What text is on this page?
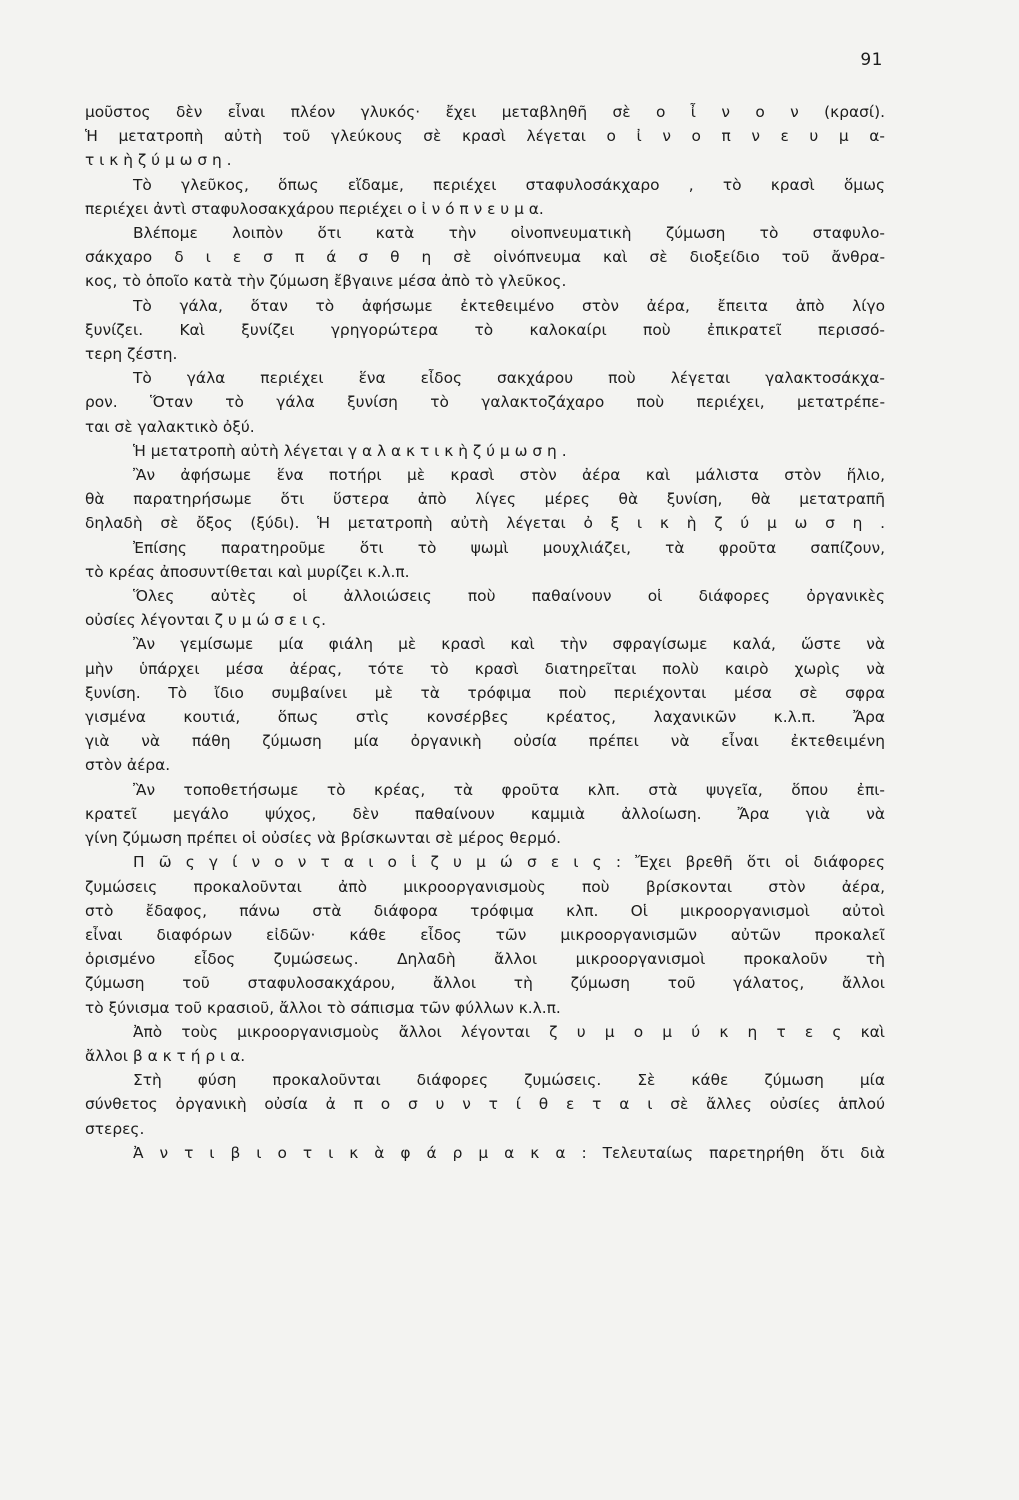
91
μοῦστος δὲν εἶναι πλέον γλυκός· ἔχει μεταβληθῆ σὲ ο ἶ ν ο ν (κρασί).
Ἡ μετατροπὴ αὐτὴ τοῦ γλεύκους σὲ κρασὶ λέγεται ο ἰ ν ο π ν ε υ μ α-
τ ι κ ὴ ζ ύ μ ω σ η .
Τὸ γλεῦκος, ὅπως εἴδαμε, περιέχει σταφυλοσάκχαρο , τὸ κρασὶ ὅμως
περιέχει ἀντὶ σταφυλοσακχάρου περιέχει ο ἰ ν ό π ν ε υ μ α.
Βλέπομε λοιπὸν ὅτι κατὰ τὴν οἰνοπνευματικὴ ζύμωση τὸ σταφυλο-
σάκχαρο δ ι ε σ π ά σ θ η σὲ οἰνόπνευμα καὶ σὲ διοξείδιο τοῦ ἄνθρα-
κος, τὸ ὁποῖο κατὰ τὴν ζύμωση ἔβγαινε μέσα ἀπὸ τὸ γλεῦκος.
Τὸ γάλα, ὅταν τὸ ἀφήσωμε ἐκτεθειμένο στὸν ἀέρα, ἔπειτα ἀπὸ λίγο
ξυνίζει. Καὶ ξυνίζει γρηγορώτερα τὸ καλοκαίρι ποὺ ἐπικρατεῖ περισσό-
τερη ζέστη.
Τὸ γάλα περιέχει ἕνα εἶδος σακχάρου ποὺ λέγεται γαλακτοσάκχα-
ρον. Ὅταν τὸ γάλα ξυνίση τὸ γαλακτοζάχαρο ποὺ περιέχει, μετατρέπε-
ται σὲ γαλακτικὸ ὀξύ.
Ἡ μετατροπὴ αὐτὴ λέγεται γ α λ α κ τ ι κ ὴ ζ ύ μ ω σ η .
Ἂν ἀφήσωμε ἕνα ποτήρι μὲ κρασὶ στὸν ἀέρα καὶ μάλιστα στὸν ἥλιο,
θὰ παρατηρήσωμε ὅτι ὕστερα ἀπὸ λίγες μέρες θὰ ξυνίση, θὰ μετατραπῆ
δηλαδὴ σὲ ὄξος (ξύδι). Ἡ μετατροπὴ αὐτὴ λέγεται ὀ ξ ι κ ὴ ζ ύ μ ω σ η .
Ἐπίσης παρατηροῦμε ὅτι τὸ ψωμὶ μουχλιάζει, τὰ φροῦτα σαπίζουν,
τὸ κρέας ἀποσυντίθεται καὶ μυρίζει κ.λ.π.
Ὅλες αὐτὲς οἱ ἀλλοιώσεις ποὺ παθαίνουν οἱ διάφορες ὀργανικὲς
οὐσίες λέγονται ζ υ μ ώ σ ε ι ς.
Ἂν γεμίσωμε μία φιάλη μὲ κρασὶ καὶ τὴν σφραγίσωμε καλά, ὥστε νὰ
μὴν ὑπάρχει μέσα ἀέρας, τότε τὸ κρασὶ διατηρεῖται πολὺ καιρὸ χωρὶς νὰ
ξυνίση. Τὸ ἴδιο συμβαίνει μὲ τὰ τρόφιμα ποὺ περιέχονται μέσα σὲ σφρα
γισμένα κουτιά, ὅπως στὶς κονσέρβες κρέατος, λαχανικῶν κ.λ.π. Ἄρα
γιὰ νὰ πάθη ζύμωση μία ὀργανικὴ οὐσία πρέπει νὰ εἶναι ἐκτεθειμένη
στὸν ἀέρα.
Ἂν τοποθετήσωμε τὸ κρέας, τὰ φροῦτα κλπ. στὰ ψυγεῖα, ὅπου ἐπι-
κρατεῖ μεγάλο ψύχος, δὲν παθαίνουν καμμιὰ ἀλλοίωση. Ἄρα γιὰ νὰ
γίνη ζύμωση πρέπει οἱ οὐσίες νὰ βρίσκωνται σὲ μέρος θερμό.
Π ῶ ς γ ί ν ο ν τ α ι ο ἱ ζ υ μ ώ σ ε ι ς : Ἔχει βρεθῆ ὅτι οἱ διάφορες
ζυμώσεις προκαλοῦνται ἀπὸ μικροοργανισμοὺς ποὺ βρίσκονται στὸν ἀέρα,
στὸ ἔδαφος, πάνω στὰ διάφορα τρόφιμα κλπ. Οἱ μικροοργανισμοὶ αὐτοὶ
εἶναι διαφόρων εἰδῶν· κάθε εἶδος τῶν μικροοργανισμῶν αὐτῶν προκαλεῖ
ὁρισμένο εἶδος ζυμώσεως. Δηλαδὴ ἄλλοι μικροοργανισμοὶ προκαλοῦν τὴ
ζύμωση τοῦ σταφυλοσακχάρου, ἄλλοι τὴ ζύμωση τοῦ γάλατος, ἄλλοι
τὸ ξύνισμα τοῦ κρασιοῦ, ἄλλοι τὸ σάπισμα τῶν φύλλων κ.λ.π.
Ἀπὸ τοὺς μικροοργανισμοὺς ἄλλοι λέγονται ζ υ μ ο μ ύ κ η τ ε ς καὶ
ἄλλοι β α κ τ ή ρ ι α.
Στὴ φύση προκαλοῦνται διάφορες ζυμώσεις. Σὲ κάθε ζύμωση μία
σύνθετος ὀργανικὴ οὐσία ἀ π ο σ υ ν τ ί θ ε τ α ι σὲ ἄλλες οὐσίες ἁπλού
στερες.
Ἀ ν τ ι β ι ο τ ι κ ὰ φ ά ρ μ α κ α : Τελευταίως παρετηρήθη ὅτι διὰ
